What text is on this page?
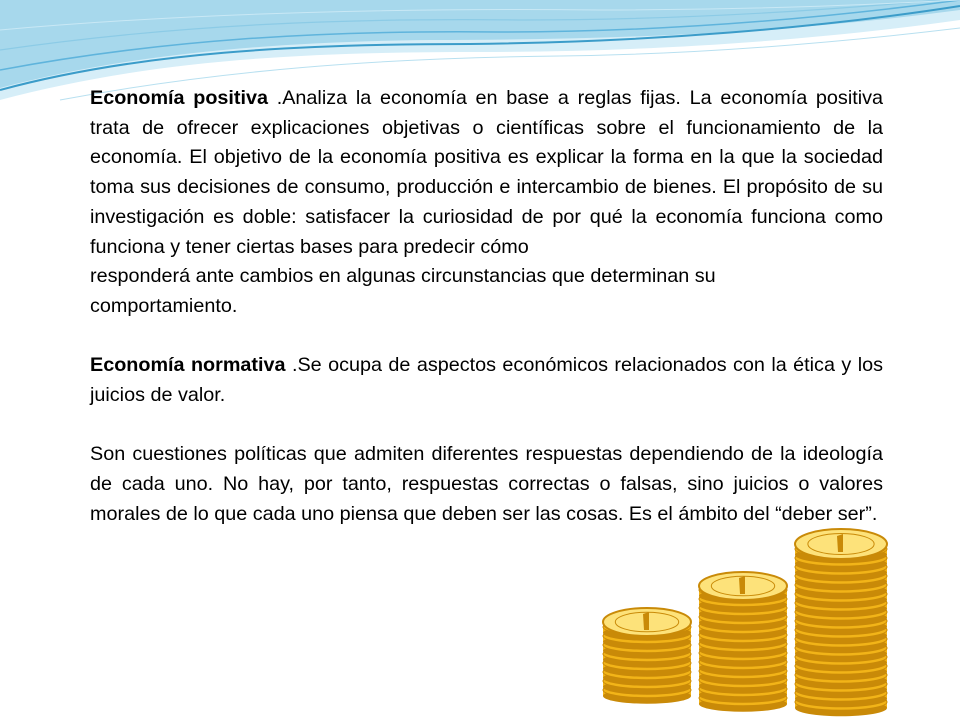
Economía positiva .Analiza la economía en base a reglas fijas. La economía positiva trata de ofrecer explicaciones objetivas o científicas sobre el funcionamiento de la economía. El objetivo de la economía positiva es explicar la forma en la que la sociedad toma sus decisiones de consumo, producción e intercambio de bienes. El propósito de su investigación es doble: satisfacer la curiosidad de por qué la economía funciona como funciona y tener ciertas bases para predecir cómo

responderá ante cambios en algunas circunstancias que determinan su
comportamiento.

Economía normativa .Se ocupa de aspectos económicos relacionados con la ética y los juicios de valor.

Son cuestiones políticas que admiten diferentes respuestas dependiendo de la ideología de cada uno. No hay, por tanto, respuestas correctas o falsas, sino juicios o valores morales de lo que cada uno piensa que deben ser las cosas. Es el ámbito del “deber ser”.
